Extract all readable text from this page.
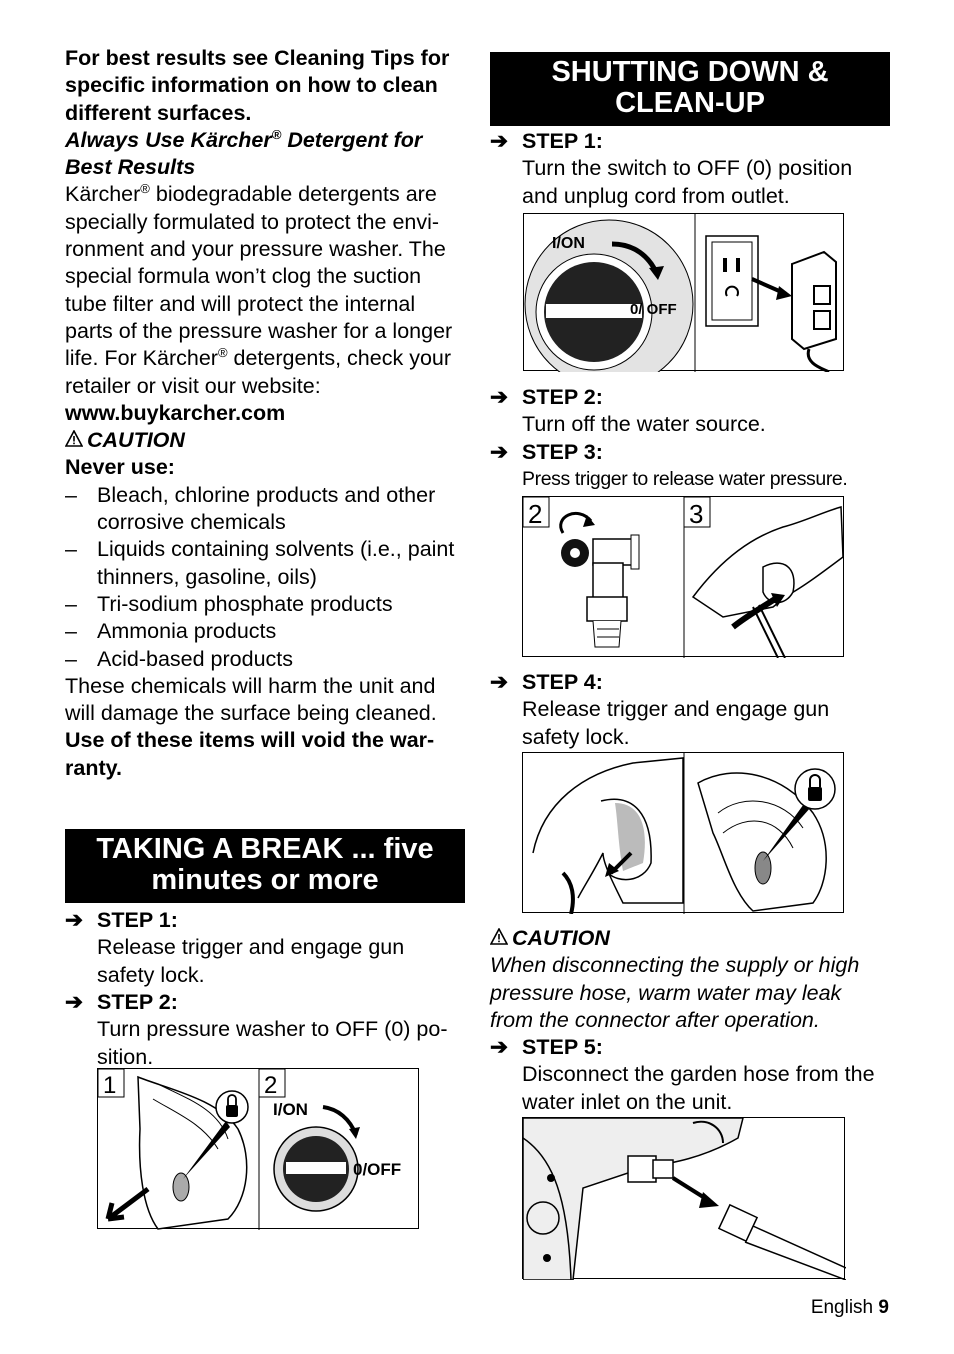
For best results see Cleaning Tips for specific information on how to clean different surfaces.

Always Use Kärcher® Detergent for Best Results

Kärcher® biodegradable detergents are specially formulated to protect the envi-ronment and your pressure washer. The special formula won’t clog the suction tube filter and will protect the internal parts of the pressure washer for a longer life. For Kärcher® detergents, check your retailer or visit our website:

www.buykarcher.com

CAUTION

Never use:

– Bleach, chlorine products and other corrosive chemicals
– Liquids containing solvents (i.e., paint thinners, gasoline, oils)
– Tri-sodium phosphate products
– Ammonia products
– Acid-based products

These chemicals will harm the unit and will damage the surface being cleaned.

Use of these items will void the war-ranty.

TAKING A BREAK ... five minutes or more
➔ STEP 1:
Release trigger and engage gun safety lock.
➔ STEP 2:
Turn pressure washer to OFF (0) po-sition.
1	2
I/ON
0/OFF
SHUTTING DOWN & CLEAN-UP
➔ STEP 1:
Turn the switch to OFF (0) position and unplug cord from outlet.
I/ON
0/ OFF
➔ STEP 2:
Turn off the water source.
➔ STEP 3:
Press trigger to release water pressure.
2	3
➔ STEP 4:
Release trigger and engage gun safety lock.

CAUTION

When disconnecting the supply or high pressure hose, warm water may leak from the connector after operation.

➔ STEP 5:
Disconnect the garden hose from the water inlet on the unit.
English 9
